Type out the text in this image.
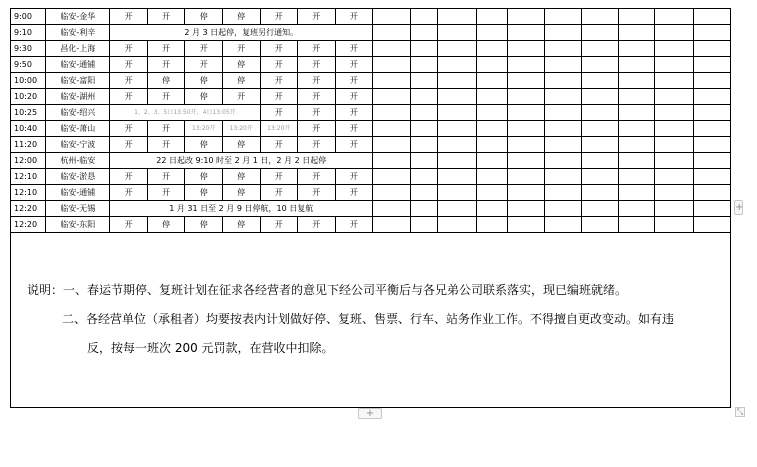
9:00	临安-金华	开	开	停	停	开	开	开										
9:10	临安-利辛	2 月 3 日起停，复班另行通知。																
9:30	昌化-上海	开	开	开	开	开	开	开										
9:50	临安-通铺	开	开	开	停	开	开	开										
10:00	临安-富阳	开	停	停	停	开	开	开										
10:20	临安-湖州	开	开	停	开	开	开	开										
10:25	临安-绍兴	1、2、3、5日13:50开，4日13:05开				开	开	开										
10:40	临安-萧山	开	开	13:20开	13:20开	13:20开	开	开										
11:20	临安-宁波	开	开	停	停	开	开	开										
12:00	杭州-临安	22 日起改 9:10 时至 2 月 1 日，2 月 2 日起停																
12:10	临安-淤恳	开	开	停	停	开	开	开										
12:10	临安-通铺	开	开	停	停	开	开	开										
12:20	临安-无锡	1 月 31 日至 2 月 9 日停航，10 日复航																
12:20	临安-东阳	开	停	停	停	开	开	开										

说明：一、春运节期停、复班计划在征求各经营者的意见下经公司平衡后与各兄弟公司联系落实，现已编班就绪。

二、各经营单位（承租者）均要按表内计划做好停、复班、售票、行车、站务作业工作。不得擅自更改变动。如有违

反，按每一班次 200 元罚款，在营收中扣除。

+
+	⤡
